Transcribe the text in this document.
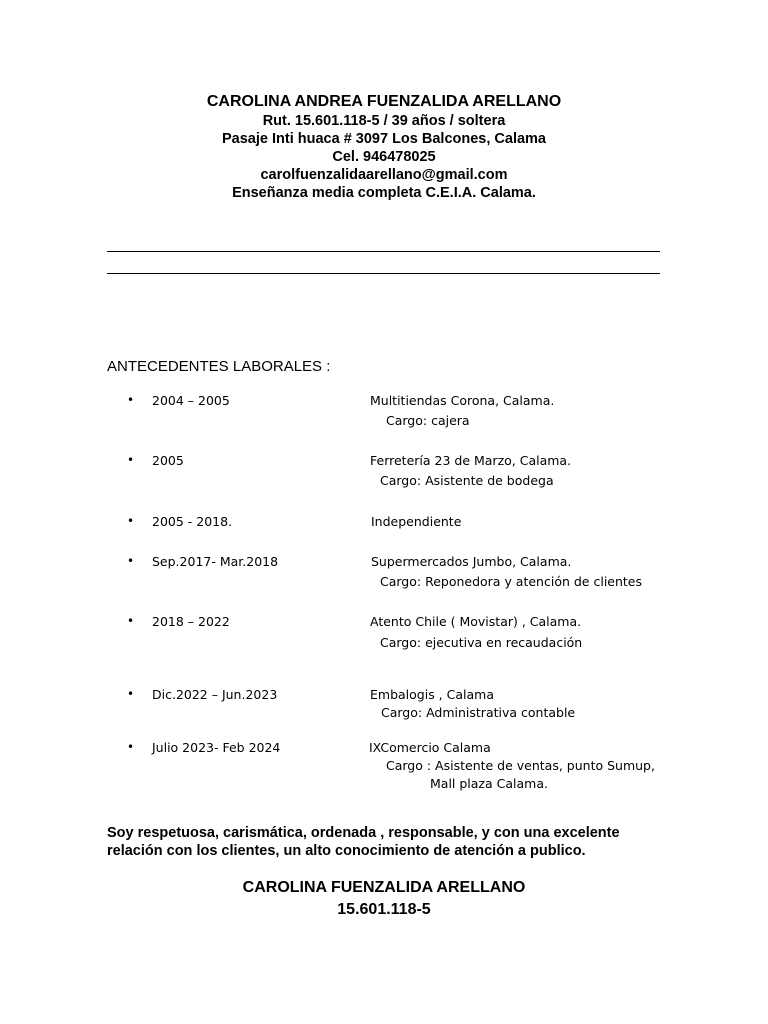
CAROLINA ANDREA FUENZALIDA ARELLANO
Rut. 15.601.118-5 / 39 años / soltera
Pasaje Inti huaca # 3097 Los Balcones, Calama
Cel. 946478025
carolfuenzalidaarellano@gmail.com
Enseñanza media completa C.E.I.A. Calama.
ANTECEDENTES LABORALES :
• 2004 – 2005	Multitiendas Corona, Calama.
Cargo: cajera
• 2005	Ferretería 23 de Marzo, Calama.
Cargo: Asistente de bodega
• 2005 - 2018.	Independiente
• Sep.2017- Mar.2018	Supermercados Jumbo, Calama.
Cargo: Reponedora y atención de clientes
• 2018 – 2022	Atento Chile ( Movistar) , Calama.
Cargo: ejecutiva en recaudación
• Dic.2022 – Jun.2023	Embalogis , Calama
Cargo: Administrativa contable
• Julio 2023- Feb 2024	IXComercio Calama
Cargo : Asistente de ventas, punto Sumup,
Mall plaza Calama.
Soy respetuosa, carismática, ordenada , responsable, y con una excelente relación con los clientes, un alto conocimiento de atención a publico.
CAROLINA FUENZALIDA ARELLANO
15.601.118-5
